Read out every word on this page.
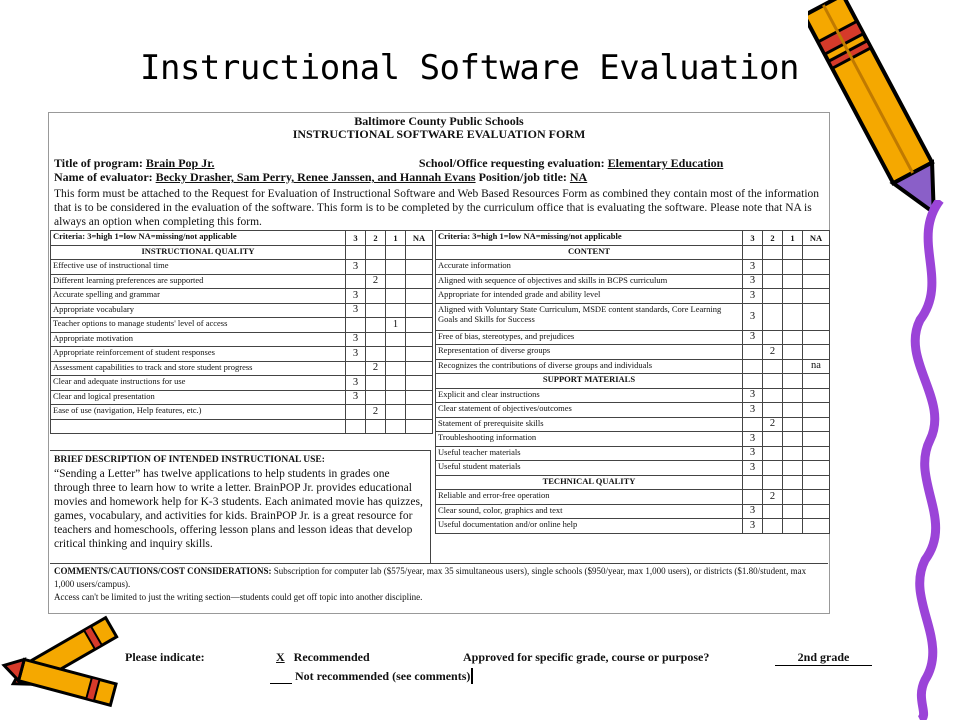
Instructional Software Evaluation
Baltimore County Public Schools
INSTRUCTIONAL SOFTWARE EVALUATION FORM
Title of program: Brain Pop Jr.	School/Office requesting evaluation: Elementary Education
Name of evaluator: Becky Drasher, Sam Perry, Renee Janssen, and Hannah Evans Position/job title: NA
This form must be attached to the Request for Evaluation of Instructional Software and Web Based Resources Form as combined they contain most of the information that is to be considered in the evaluation of the software. This form is to be completed by the curriculum office that is evaluating the software. Please note that NA is always an option when completing this form.
Criteria: 3=high 1=low NA=missing/not applicable	3	2	1	NA
INSTRUCTIONAL QUALITY				
Effective use of instructional time	3			
Different learning preferences are supported		2		
Accurate spelling and grammar	3			
Appropriate vocabulary	3			
Teacher options to manage students' level of access			1	
Appropriate motivation	3			
Appropriate reinforcement of student responses	3			
Assessment capabilities to track and store student progress		2		
Clear and adequate instructions for use	3			
Clear and logical presentation	3			
Ease of use (navigation, Help features, etc.)		2		

Criteria: 3=high 1=low NA=missing/not applicable	3	2	1	NA
CONTENT				
Accurate information	3			
Aligned with sequence of objectives and skills in BCPS curriculum	3			
Appropriate for intended grade and ability level	3			
Aligned with Voluntary State Curriculum, MSDE content standards, Core Learning Goals and Skills for Success	3			
Free of bias, stereotypes, and prejudices	3			
Representation of diverse groups		2		
Recognizes the contributions of diverse groups and individuals				na
SUPPORT MATERIALS				
Explicit and clear instructions	3			
Clear statement of objectives/outcomes	3			
Statement of prerequisite skills		2		
Troubleshooting information	3			
Useful teacher materials	3			
Useful student materials	3			
TECHNICAL QUALITY				
Reliable and error-free operation		2		
Clear sound, color, graphics and text	3			
Useful documentation and/or online help	3			
BRIEF DESCRIPTION OF INTENDED INSTRUCTIONAL USE:
“Sending a Letter” has twelve applications to help students in grades one through three to learn how to write a letter. BrainPOP Jr. provides educational movies and homework help for K-3 students. Each animated movie has quizzes, games, vocabulary, and activities for kids. BrainPOP Jr. is a great resource for teachers and homeschools, offering lesson plans and lesson ideas that develop critical thinking and inquiry skills.
COMMENTS/CAUTIONS/COST CONSIDERATIONS: Subscription for computer lab ($575/year, max 35 simultaneous users), single schools ($950/year, max 1,000 users), or districts ($1.80/student, max 1,000 users/campus).
Access can't be limited to just the writing section—students could get off topic into another discipline.
Please indicate:	X Recommended	Approved for specific grade, course or purpose?	2nd grade
Not recommended (see comments)
